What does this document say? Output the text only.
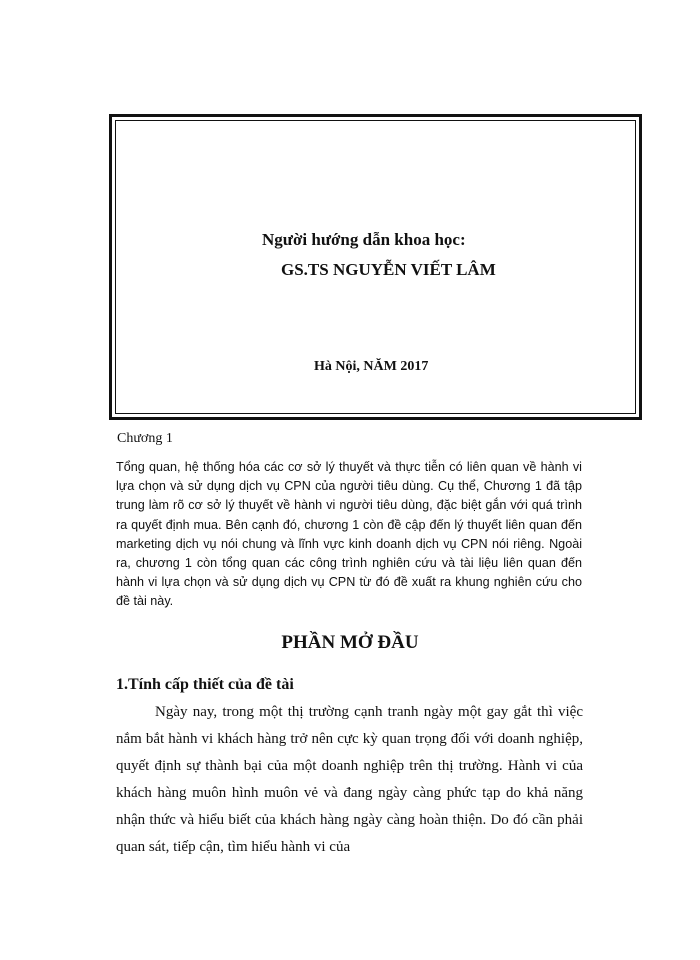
Người hướng dẫn khoa học:
GS.TS NGUYỄN VIẾT LÂM
Hà Nội, NĂM 2017
Chương 1

Tổng quan, hệ thống hóa các cơ sở lý thuyết và thực tiễn có liên quan về hành vi lựa chọn và sử dụng dịch vụ CPN của người tiêu dùng. Cụ thể, Chương 1 đã tập trung làm rõ cơ sở lý thuyết về hành vi người tiêu dùng, đặc biệt gắn với quá trình ra quyết định mua. Bên cạnh đó, chương 1 còn đề cập đến lý thuyết liên quan đến marketing dịch vụ nói chung và lĩnh vực kinh doanh dịch vụ CPN nói riêng. Ngoài ra, chương 1 còn tổng quan các công trình nghiên cứu và tài liệu liên quan đến hành vi lựa chọn và sử dụng dịch vụ CPN từ đó đề xuất ra khung nghiên cứu cho đề tài này.

PHẦN MỞ ĐẦU
1.Tính cấp thiết của đề tài

Ngày nay, trong một thị trường cạnh tranh ngày một gay gắt thì việc nắm bắt hành vi khách hàng trở nên cực kỳ quan trọng đối với doanh nghiệp, quyết định sự thành bại của một doanh nghiệp trên thị trường. Hành vi của khách hàng muôn hình muôn vẻ và đang ngày càng phức tạp do khả năng nhận thức và hiểu biết của khách hàng ngày càng hoàn thiện. Do đó cần phải quan sát, tiếp cận, tìm hiểu hành vi của
